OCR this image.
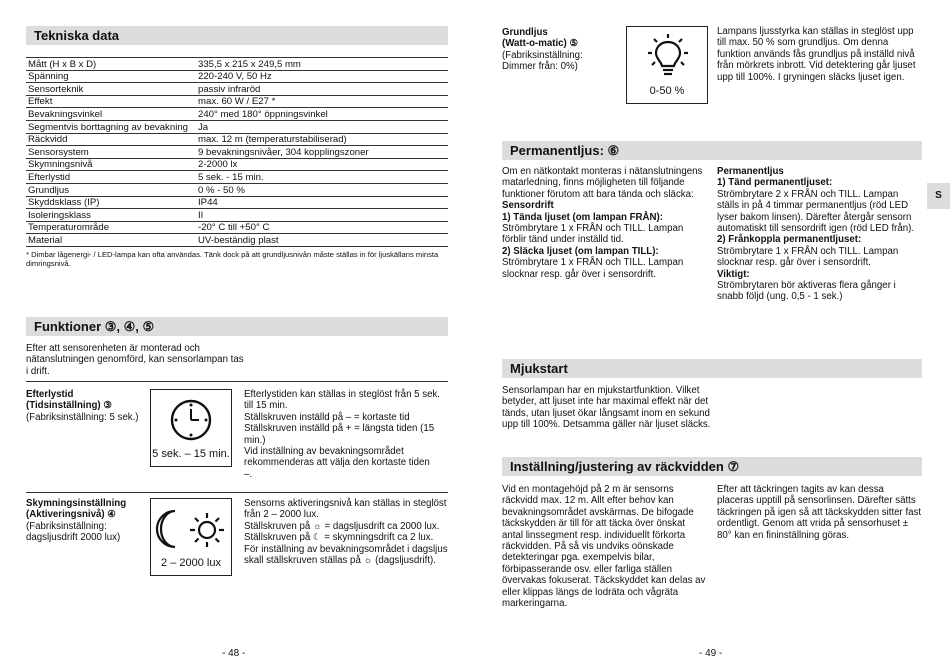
Tekniska data
Mått (H x B x D)	335,5 x 215 x 249,5 mm
Spänning	220-240 V, 50 Hz
Sensorteknik	passiv infraröd
Effekt	max. 60 W / E27 *
Bevakningsvinkel	240° med 180° öppningsvinkel
Segmentvis borttagning av bevakning	Ja
Räckvidd	max. 12 m (temperaturstabiliserad)
Sensorsystem	9 bevakningsnivåer, 304 kopplingszoner
Skymningsnivå	2-2000 lx
Efterlystid	5 sek. - 15 min.
Grundljus	0 % - 50 %
Skyddsklass (IP)	IP44
Isoleringsklass	II
Temperaturområde	-20° C till +50° C
Material	UV-beständig plast
* Dimbar lågenergi- / LED-lampa kan ofta användas. Tänk dock på att grundljusnivån måste ställas in för ljuskällans minsta dimringsnivå.
Funktioner ③, ④, ⑤
Efter att sensorenheten är monterad och nätanslutningen genomförd, kan sensorlampan tas i drift.

Efterlystid

(Tidsinställning) ③

(Fabriksinställning: 5 sek.)

5 sek. – 15 min.

Efterlystiden kan ställas in steglöst från 5 sek. till 15 min.

Ställskruven inställd på – = kortaste tid

Ställskruven inställd på + = längsta tiden (15 min.)

Vid inställning av bevakningsområdet rekommenderas att välja den kortaste tiden –.

Skymningsinställning

(Aktiveringsnivå) ④

(Fabriksinställning:

dagsljusdrift 2000 lux)

2 – 2000 lux

Sensorns aktiveringsnivå kan ställas in steglöst från 2 – 2000 lux.

Ställskruven på ☼ = dagsljusdrift ca 2000 lux.

Ställskruven på ☾ = skymningsdrift ca 2 lux.

För inställning av bevakningsområdet i dagsljus skall ställskruven ställas på ☼ (dagsljusdrift).

- 48 -

Grundljus

(Watt-o-matic) ⑤

(Fabriksinställning:

Dimmer från: 0%)

0-50 %
Lampans ljusstyrka kan ställas in steglöst upp till max. 50 % som grundljus. Om denna funktion används fås grundljus på inställd nivå från mörkrets inbrott. Vid detektering går ljuset upp till 100%. I gryningen släcks ljuset igen.
Permanentljus: ⑥

Om en nätkontakt monteras i nätanslutningens matarledning, finns möjligheten till följande funktioner förutom att bara tända och släcka:

Sensordrift

1) Tända ljuset (om lampan FRÅN):

Strömbrytare 1 x FRÅN och TILL. Lampan förblir tänd under inställd tid.

2) Släcka ljuset (om lampan TILL):

Strömbrytare 1 x FRÅN och TILL. Lampan slocknar resp. går över i sensordrift.

Permanentljus

1) Tänd permanentljuset:

Strömbrytare 2 x FRÅN och TILL. Lampan ställs in på 4 timmar permanentljus (röd LED lyser bakom linsen). Därefter återgår sensorn automatiskt till sensordrift igen (röd LED från).

2) Frånkoppla permanentljuset:

Strömbrytare 1 x FRÅN och TILL. Lampan slocknar resp. går över i sensordrift.

Viktigt:

Strömbrytaren bör aktiveras flera gånger i snabb följd (ung. 0,5 - 1 sek.)

S
Mjukstart
Sensorlampan har en mjukstartfunktion. Vilket betyder, att ljuset inte har maximal effekt när det tänds, utan ljuset ökar långsamt inom en sekund upp till 100%. Detsamma gäller när ljuset släcks.
Inställning/justering av räckvidden ⑦
Vid en montagehöjd på 2 m är sensorns räckvidd max. 12 m. Allt efter behov kan bevakningsområdet avskärmas. De bifogade täckskydden är till för att täcka över önskat antal linssegment resp. individuellt förkorta räckvidden. På så vis undviks oönskade detekteringar pga. exempelvis bilar, förbipasserande osv. eller farliga ställen övervakas fokuserat. Täckskyddet kan delas av eller klippas längs de lodräta och vågräta markeringarna.
Efter att täckringen tagits av kan dessa placeras upptill på sensorlinsen. Därefter sätts täckringen på igen så att täckskydden sitter fast ordentligt. Genom att vrida på sensorhuset ± 80° kan en fininställning göras.
- 49 -
